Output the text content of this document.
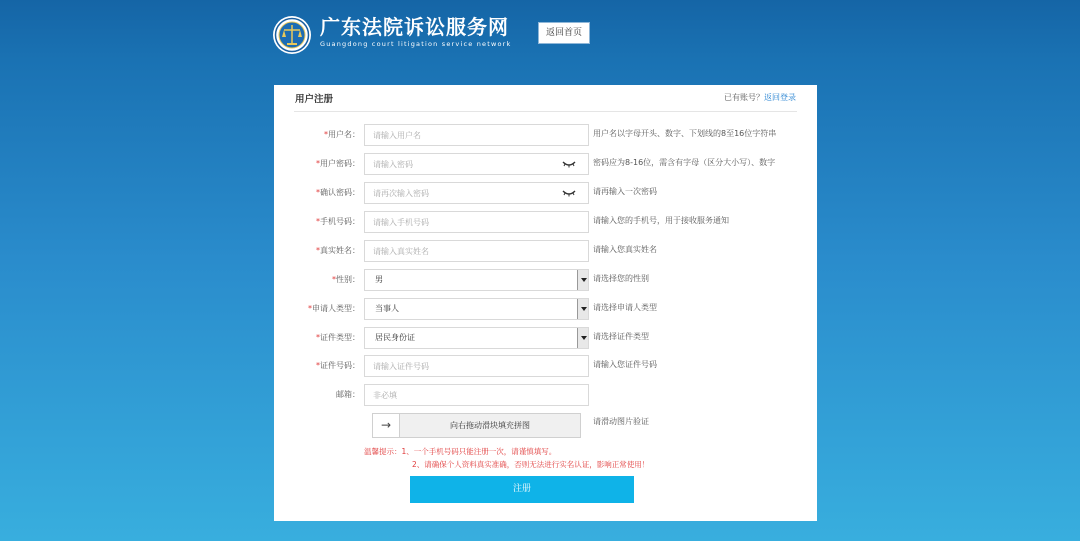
广东法院诉讼服务网
Guangdong court litigation service network
返回首页
用户注册	已有账号？返回登录
*用户名：
请输入用户名	用户名以字母开头、数字、下划线的8至16位字符串
*用户密码：	密码应为8-16位，需含有字母（区分大小写）、数字
*确认密码：	请再输入一次密码
*手机号码：
请输入手机号码	请输入您的手机号，用于接收服务通知
*真实姓名：
请输入真实姓名	请输入您真实姓名
*性别： 男	请选择您的性别
*申请人类型： 当事人	请选择申请人类型
*证件类型： 居民身份证	请选择证件类型
*证件号码：
请输入证件号码	请输入您证件号码
邮箱：
非必填
→	向右拖动滑块填充拼图	请滑动图片验证
温馨提示：1、一个手机号码只能注册一次，请谨慎填写。
2、请确保个人资料真实准确，否则无法进行实名认证，影响正常使用！
注册
